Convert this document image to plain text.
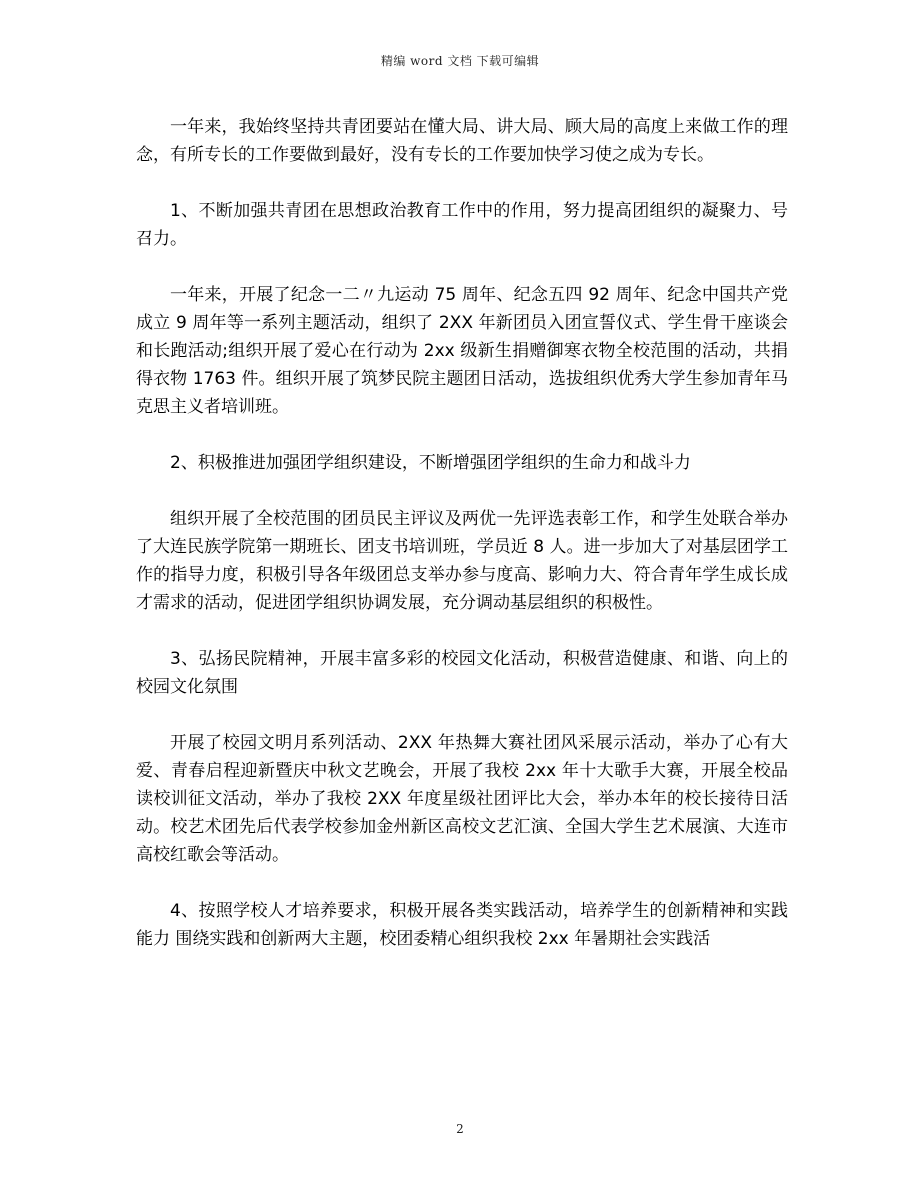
精编 word 文档 下载可编辑

一年来，我始终坚持共青团要站在懂大局、讲大局、顾大局的高度上来做工作的理念，有所专长的工作要做到最好，没有专长的工作要加快学习使之成为专长。

1、不断加强共青团在思想政治教育工作中的作用，努力提高团组织的凝聚力、号召力。

一年来，开展了纪念一二〃九运动 75 周年、纪念五四 92 周年、纪念中国共产党成立 9 周年等一系列主题活动，组织了 2XX 年新团员入团宣誓仪式、学生骨干座谈会和长跑活动;组织开展了爱心在行动为 2xx 级新生捐赠御寒衣物全校范围的活动，共捐得衣物 1763 件。组织开展了筑梦民院主题团日活动，选拔组织优秀大学生参加青年马克思主义者培训班。

2、积极推进加强团学组织建设，不断增强团学组织的生命力和战斗力

组织开展了全校范围的团员民主评议及两优一先评选表彰工作，和学生处联合举办了大连民族学院第一期班长、团支书培训班，学员近 8 人。进一步加大了对基层团学工作的指导力度，积极引导各年级团总支举办参与度高、影响力大、符合青年学生成长成才需求的活动，促进团学组织协调发展，充分调动基层组织的积极性。

3、弘扬民院精神，开展丰富多彩的校园文化活动，积极营造健康、和谐、向上的校园文化氛围

开展了校园文明月系列活动、2XX 年热舞大赛社团风采展示活动，举办了心有大爱、青春启程迎新暨庆中秋文艺晚会，开展了我校 2xx 年十大歌手大赛，开展全校品读校训征文活动，举办了我校 2XX 年度星级社团评比大会，举办本年的校长接待日活动。校艺术团先后代表学校参加金州新区高校文艺汇演、全国大学生艺术展演、大连市高校红歌会等活动。

4、按照学校人才培养要求，积极开展各类实践活动，培养学生的创新精神和实践能力 围绕实践和创新两大主题，校团委精心组织我校 2xx 年暑期社会实践活

2
